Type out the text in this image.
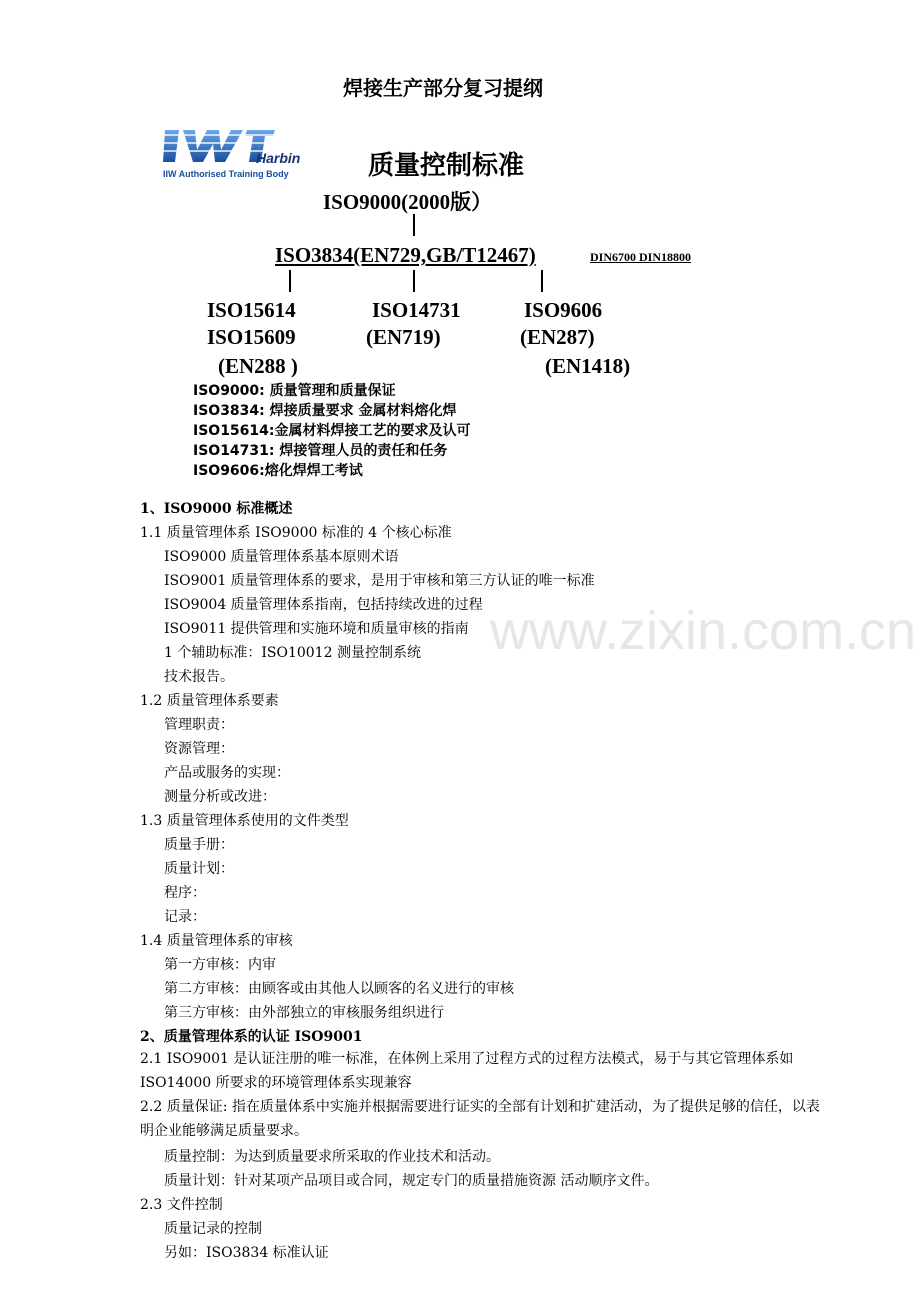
焊接生产部分复习提纲
Harbin
IIW Authorised Training Body	质量控制标准
ISO9000(2000版）
ISO3834(EN729,GB/T12467)	DIN6700 DIN18800
ISO15614
ISO15609
(EN288 )
ISO14731
(EN719)
ISO9606
(EN287)
(EN1418)
ISO9000: 质量管理和质量保证
ISO3834: 焊接质量要求 金属材料熔化焊
ISO15614:金属材料焊接工艺的要求及认可
ISO14731: 焊接管理人员的责任和任务
ISO9606:熔化焊焊工考试
www.zixin.com.cn
1、ISO9000 标准概述
1.1 质量管理体系 ISO9000 标准的 4 个核心标准
ISO9000 质量管理体系基本原则术语
ISO9001 质量管理体系的要求，是用于审核和第三方认证的唯一标准
ISO9004 质量管理体系指南，包括持续改进的过程
ISO9011 提供管理和实施环境和质量审核的指南
1 个辅助标准：ISO10012 测量控制系统
技术报告。
1.2 质量管理体系要素
管理职责：
资源管理：
产品或服务的实现：
测量分析或改进：
1.3 质量管理体系使用的文件类型
质量手册：
质量计划：
程序：
记录：
1.4 质量管理体系的审核
第一方审核：内审
第二方审核：由顾客或由其他人以顾客的名义进行的审核
第三方审核：由外部独立的审核服务组织进行
2、质量管理体系的认证 ISO9001
2.1 ISO9001 是认证注册的唯一标准，在体例上采用了过程方式的过程方法模式，易于与其它管理体系如 ISO14000 所要求的环境管理体系实现兼容
2.2 质量保证: 指在质量体系中实施并根据需要进行证实的全部有计划和扩建活动，为了提供足够的信任，以表明企业能够满足质量要求。
质量控制：为达到质量要求所采取的作业技术和活动。
质量计划：针对某项产品项目或合同，规定专门的质量措施资源 活动顺序文件。
2.3 文件控制
质量记录的控制
另如：ISO3834 标准认证
